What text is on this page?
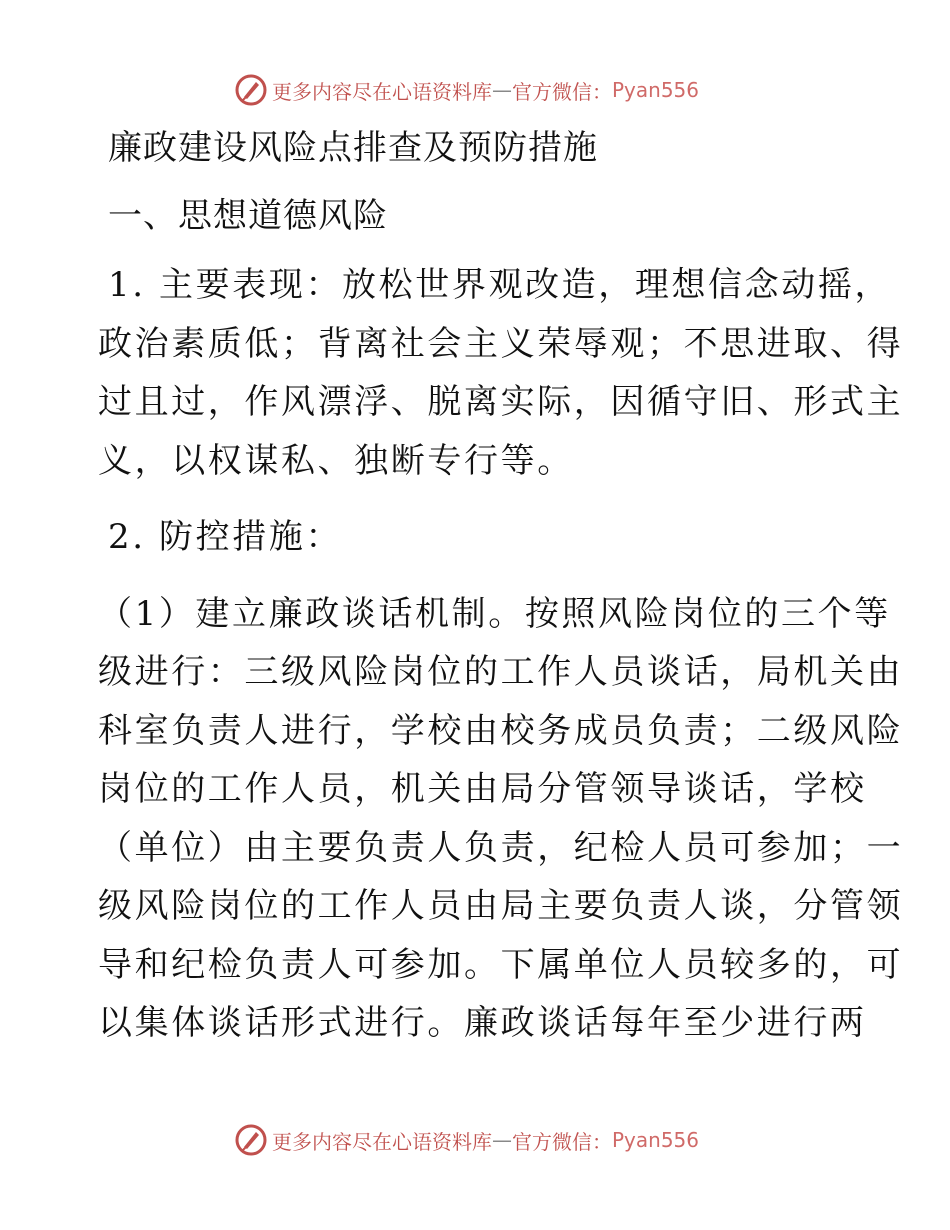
更多内容尽在心语资料库 — 官方微信： Pyan556
廉政建设风险点排查及预防措施
一、思想道德风险
1. 主要表现：放松世界观改造，理想信念动摇，
政治素质低；背离社会主义荣辱观；不思进取、得
过且过，作风漂浮、脱离实际，因循守旧、形式主
义，以权谋私、独断专行等。
2. 防控措施：
（1）建立廉政谈话机制。按照风险岗位的三个等
级进行：三级风险岗位的工作人员谈话，局机关由
科室负责人进行，学校由校务成员负责；二级风险
岗位的工作人员，机关由局分管领导谈话，学校
（单位）由主要负责人负责，纪检人员可参加；一
级风险岗位的工作人员由局主要负责人谈，分管领
导和纪检负责人可参加。下属单位人员较多的，可
以集体谈话形式进行。廉政谈话每年至少进行两
更多内容尽在心语资料库 — 官方微信： Pyan556
